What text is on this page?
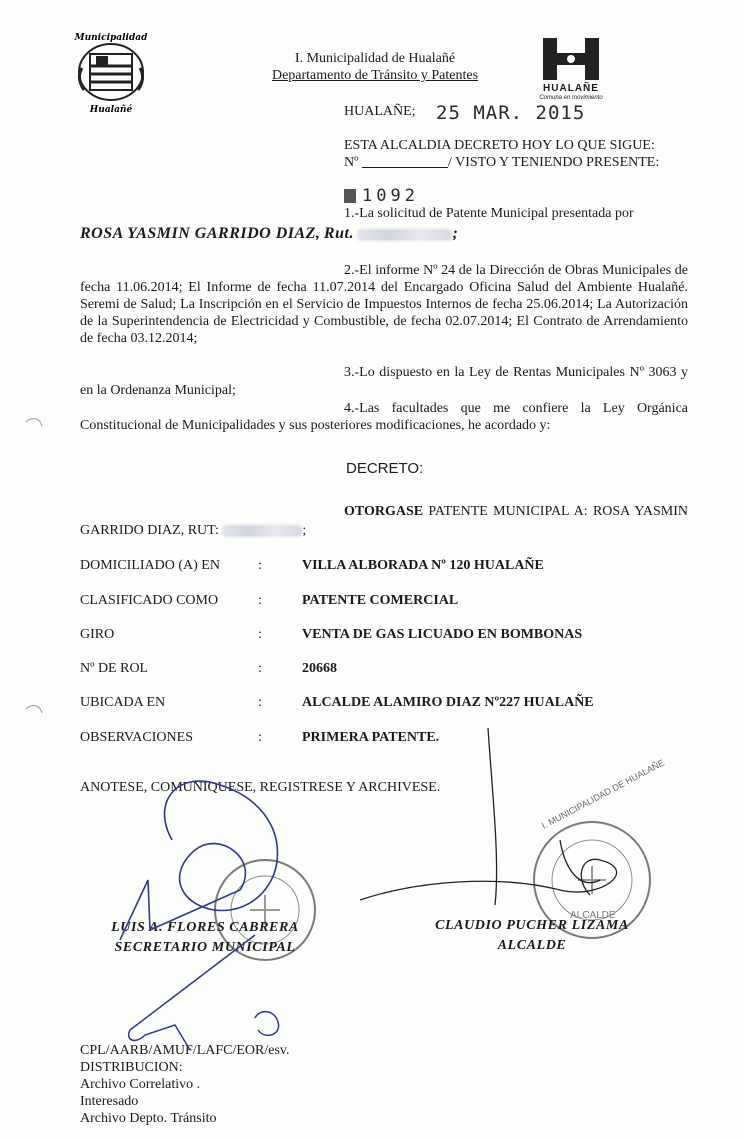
Municipalidad
Hualañé
I. Municipalidad de Hualañé
Departamento de Tránsito y Patentes
HUALAÑE
Comuna en movimiento
HUALAÑE; 25 MAR. 2015
ESTA ALCALDIA DECRETO HOY LO QUE SIGUE:
Nº	/ VISTO Y TENIENDO PRESENTE:
1092
1.-La solicitud de Patente Municipal presentada por
ROSA YASMIN GARRIDO DIAZ, Rut.	;
2.-El informe Nº 24 de la Dirección de Obras Municipales de fecha 11.06.2014; El Informe de fecha 11.07.2014 del Encargado Oficina Salud del Ambiente Hualañé. Seremi de Salud; La Inscripción en el Servicio de Impuestos Internos de fecha 25.06.2014; La Autorización de la Superintendencia de Electricidad y Combustible, de fecha 02.07.2014; El Contrato de Arrendamiento de fecha 03.12.2014;
3.-Lo dispuesto en la Ley de Rentas Municipales Nº 3063 y en la Ordenanza Municipal;
4.-Las facultades que me confiere la Ley Orgánica Constitucional de Municipalidades y sus posteriores modificaciones, he acordado y:
DECRETO:
OTORGASE PATENTE MUNICIPAL A: ROSA YASMIN GARRIDO DIAZ, RUT:	;
DOMICILIADO (A) EN	:	VILLA ALBORADA Nº 120 HUALAÑE
CLASIFICADO COMO	:	PATENTE COMERCIAL
GIRO	:	VENTA DE GAS LICUADO EN BOMBONAS
Nº DE ROL	:	20668
UBICADA EN	:	ALCALDE ALAMIRO DIAZ Nº227 HUALAÑE
OBSERVACIONES	:	PRIMERA PATENTE.
ANOTESE, COMUNIQUESE, REGISTRESE Y ARCHIVESE.	I. MUNICIPALIDAD DE HUALAÑE
ALCALDE
LUIS A. FLORES CABRERA
SECRETARIO MUNICIPAL
CLAUDIO PUCHER LIZAMA
ALCALDE
CPL/AARB/AMUF/LAFC/EOR/esv.
DISTRIBUCION:
Archivo Correlativo .
Interesado
Archivo Depto. Tránsito
